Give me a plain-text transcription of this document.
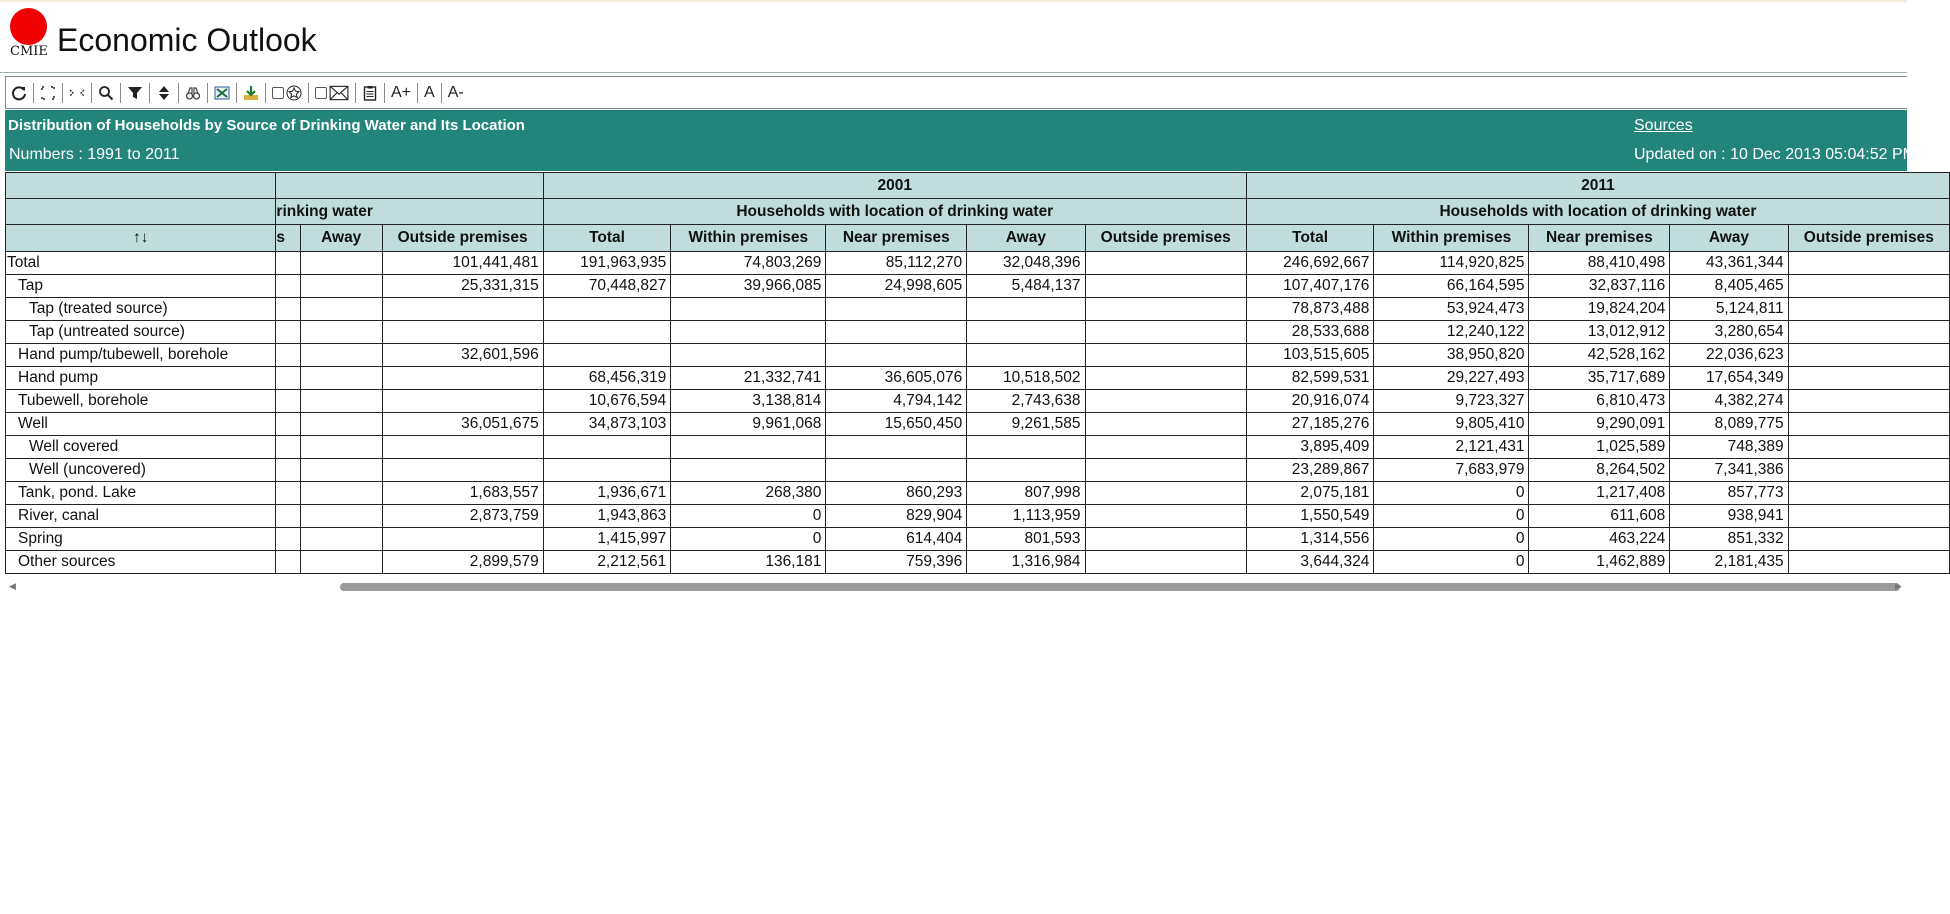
CMIE Economic Outlook
A+ A A-
Distribution of Households by Source of Drinking Water and Its Location
Numbers : 1991 to 2011
Sources
Updated on : 10 Dec 2013 05:04:52 PM
				2001					2011				
	rinking water			Households with location of drinking water					Households with location of drinking water				
↑↓	s	Away	Outside premises	Total	Within premises	Near premises	Away	Outside premises	Total	Within premises	Near premises	Away	Outside premises
Total			101,441,481	191,963,935	74,803,269	85,112,270	32,048,396		246,692,667	114,920,825	88,410,498	43,361,344	
Tap			25,331,315	70,448,827	39,966,085	24,998,605	5,484,137		107,407,176	66,164,595	32,837,116	8,405,465	
Tap (treated source)									78,873,488	53,924,473	19,824,204	5,124,811	
Tap (untreated source)									28,533,688	12,240,122	13,012,912	3,280,654	
Hand pump/tubewell, borehole			32,601,596						103,515,605	38,950,820	42,528,162	22,036,623	
Hand pump				68,456,319	21,332,741	36,605,076	10,518,502		82,599,531	29,227,493	35,717,689	17,654,349	
Tubewell, borehole				10,676,594	3,138,814	4,794,142	2,743,638		20,916,074	9,723,327	6,810,473	4,382,274	
Well			36,051,675	34,873,103	9,961,068	15,650,450	9,261,585		27,185,276	9,805,410	9,290,091	8,089,775	
Well covered									3,895,409	2,121,431	1,025,589	748,389	
Well (uncovered)									23,289,867	7,683,979	8,264,502	7,341,386	
Tank, pond. Lake			1,683,557	1,936,671	268,380	860,293	807,998		2,075,181	0	1,217,408	857,773	
River, canal			2,873,759	1,943,863	0	829,904	1,113,959		1,550,549	0	611,608	938,941	
Spring				1,415,997	0	614,404	801,593		1,314,556	0	463,224	851,332	
Other sources			2,899,579	2,212,561	136,181	759,396	1,316,984		3,644,324	0	1,462,889	2,181,435	
◀	▶
